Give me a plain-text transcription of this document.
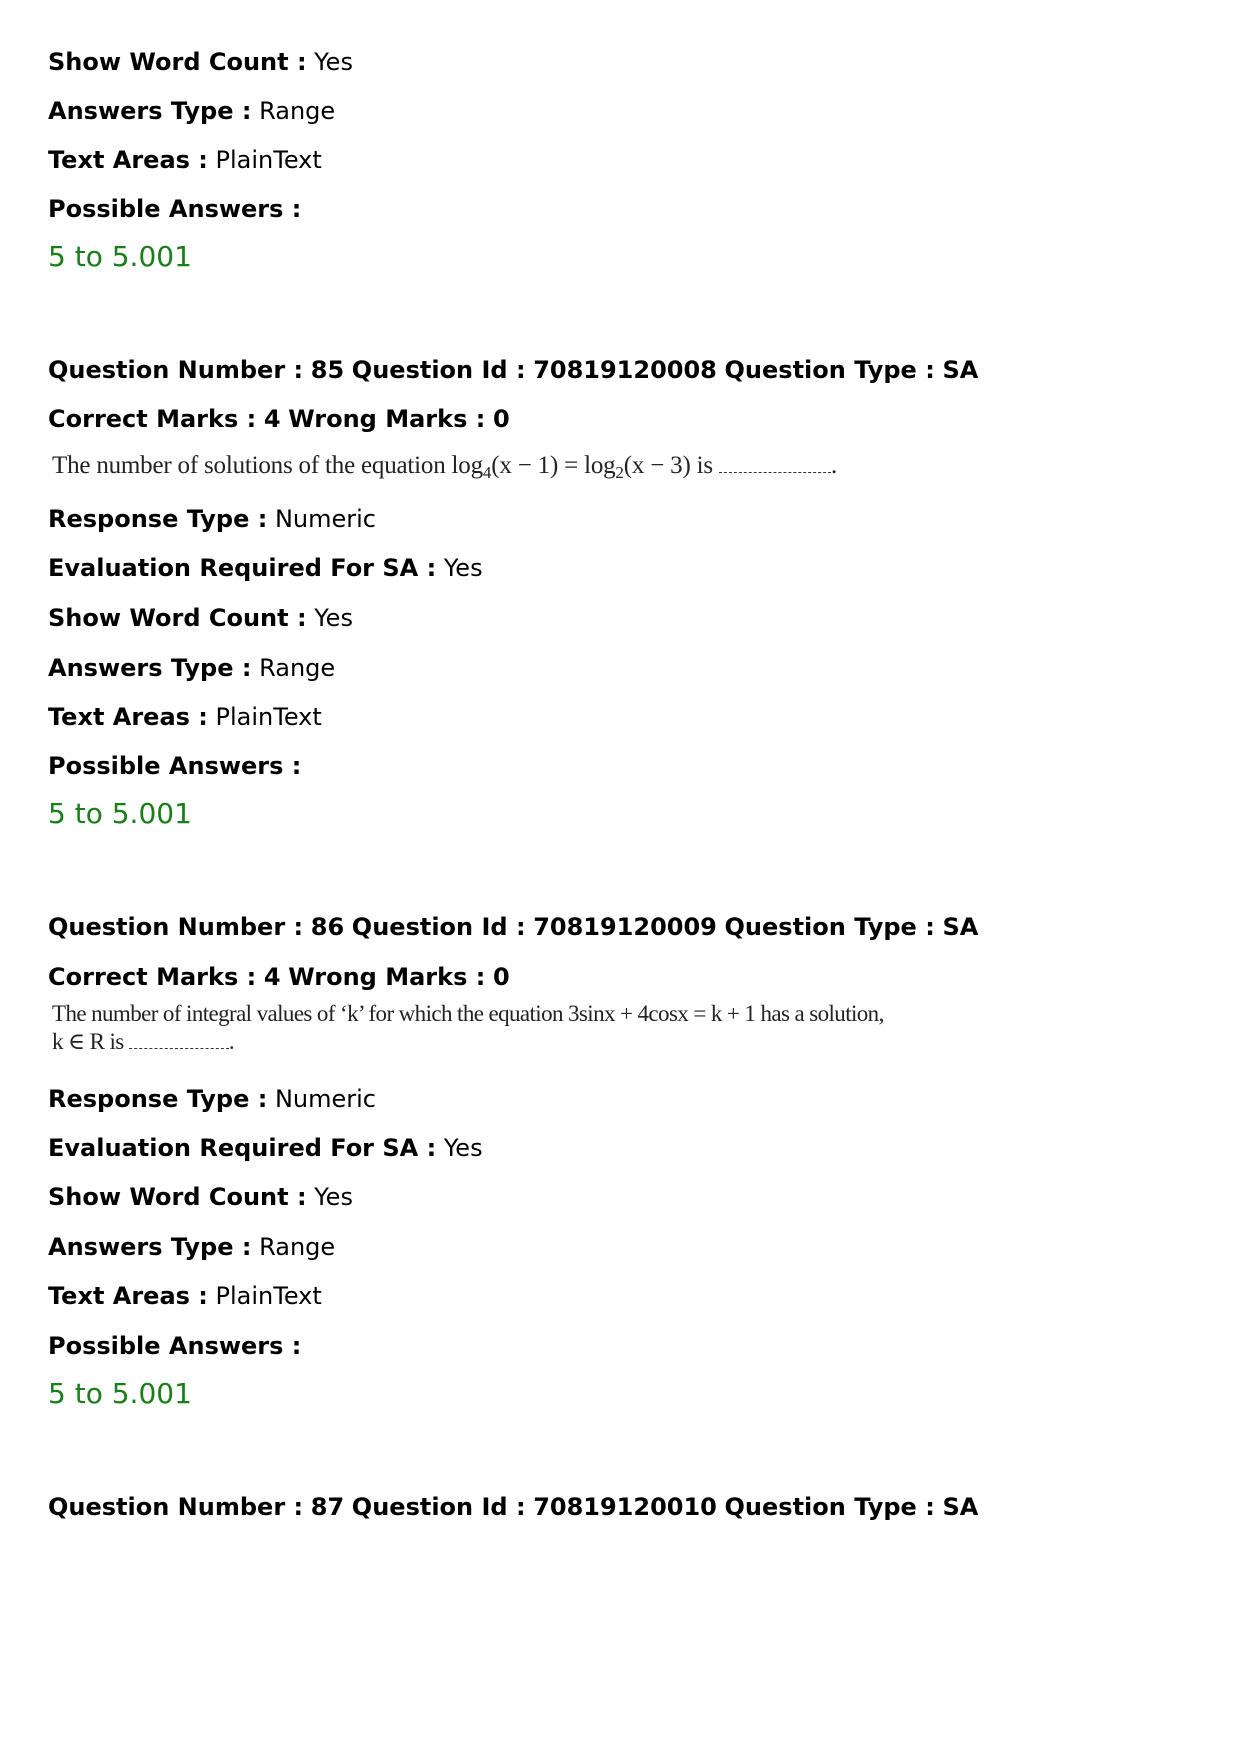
Show Word Count : Yes
Answers Type : Range
Text Areas : PlainText
Possible Answers :
5 to 5.001
Question Number : 85 Question Id : 70819120008 Question Type : SA
Correct Marks : 4 Wrong Marks : 0
The number of solutions of the equation $\log_4(x - 1) = \log_2(x - 3)$ is	.
Response Type : Numeric
Evaluation Required For SA : Yes
Show Word Count : Yes
Answers Type : Range
Text Areas : PlainText
Possible Answers :
5 to 5.001
Question Number : 86 Question Id : 70819120009 Question Type : SA
Correct Marks : 4 Wrong Marks : 0
The number of integral values of ‘k’ for which the equation 3sinx + 4cosx = k + 1 has a solution,
k ∈ R is	.
Response Type : Numeric
Evaluation Required For SA : Yes
Show Word Count : Yes
Answers Type : Range
Text Areas : PlainText
Possible Answers :
5 to 5.001
Question Number : 87 Question Id : 70819120010 Question Type : SA
